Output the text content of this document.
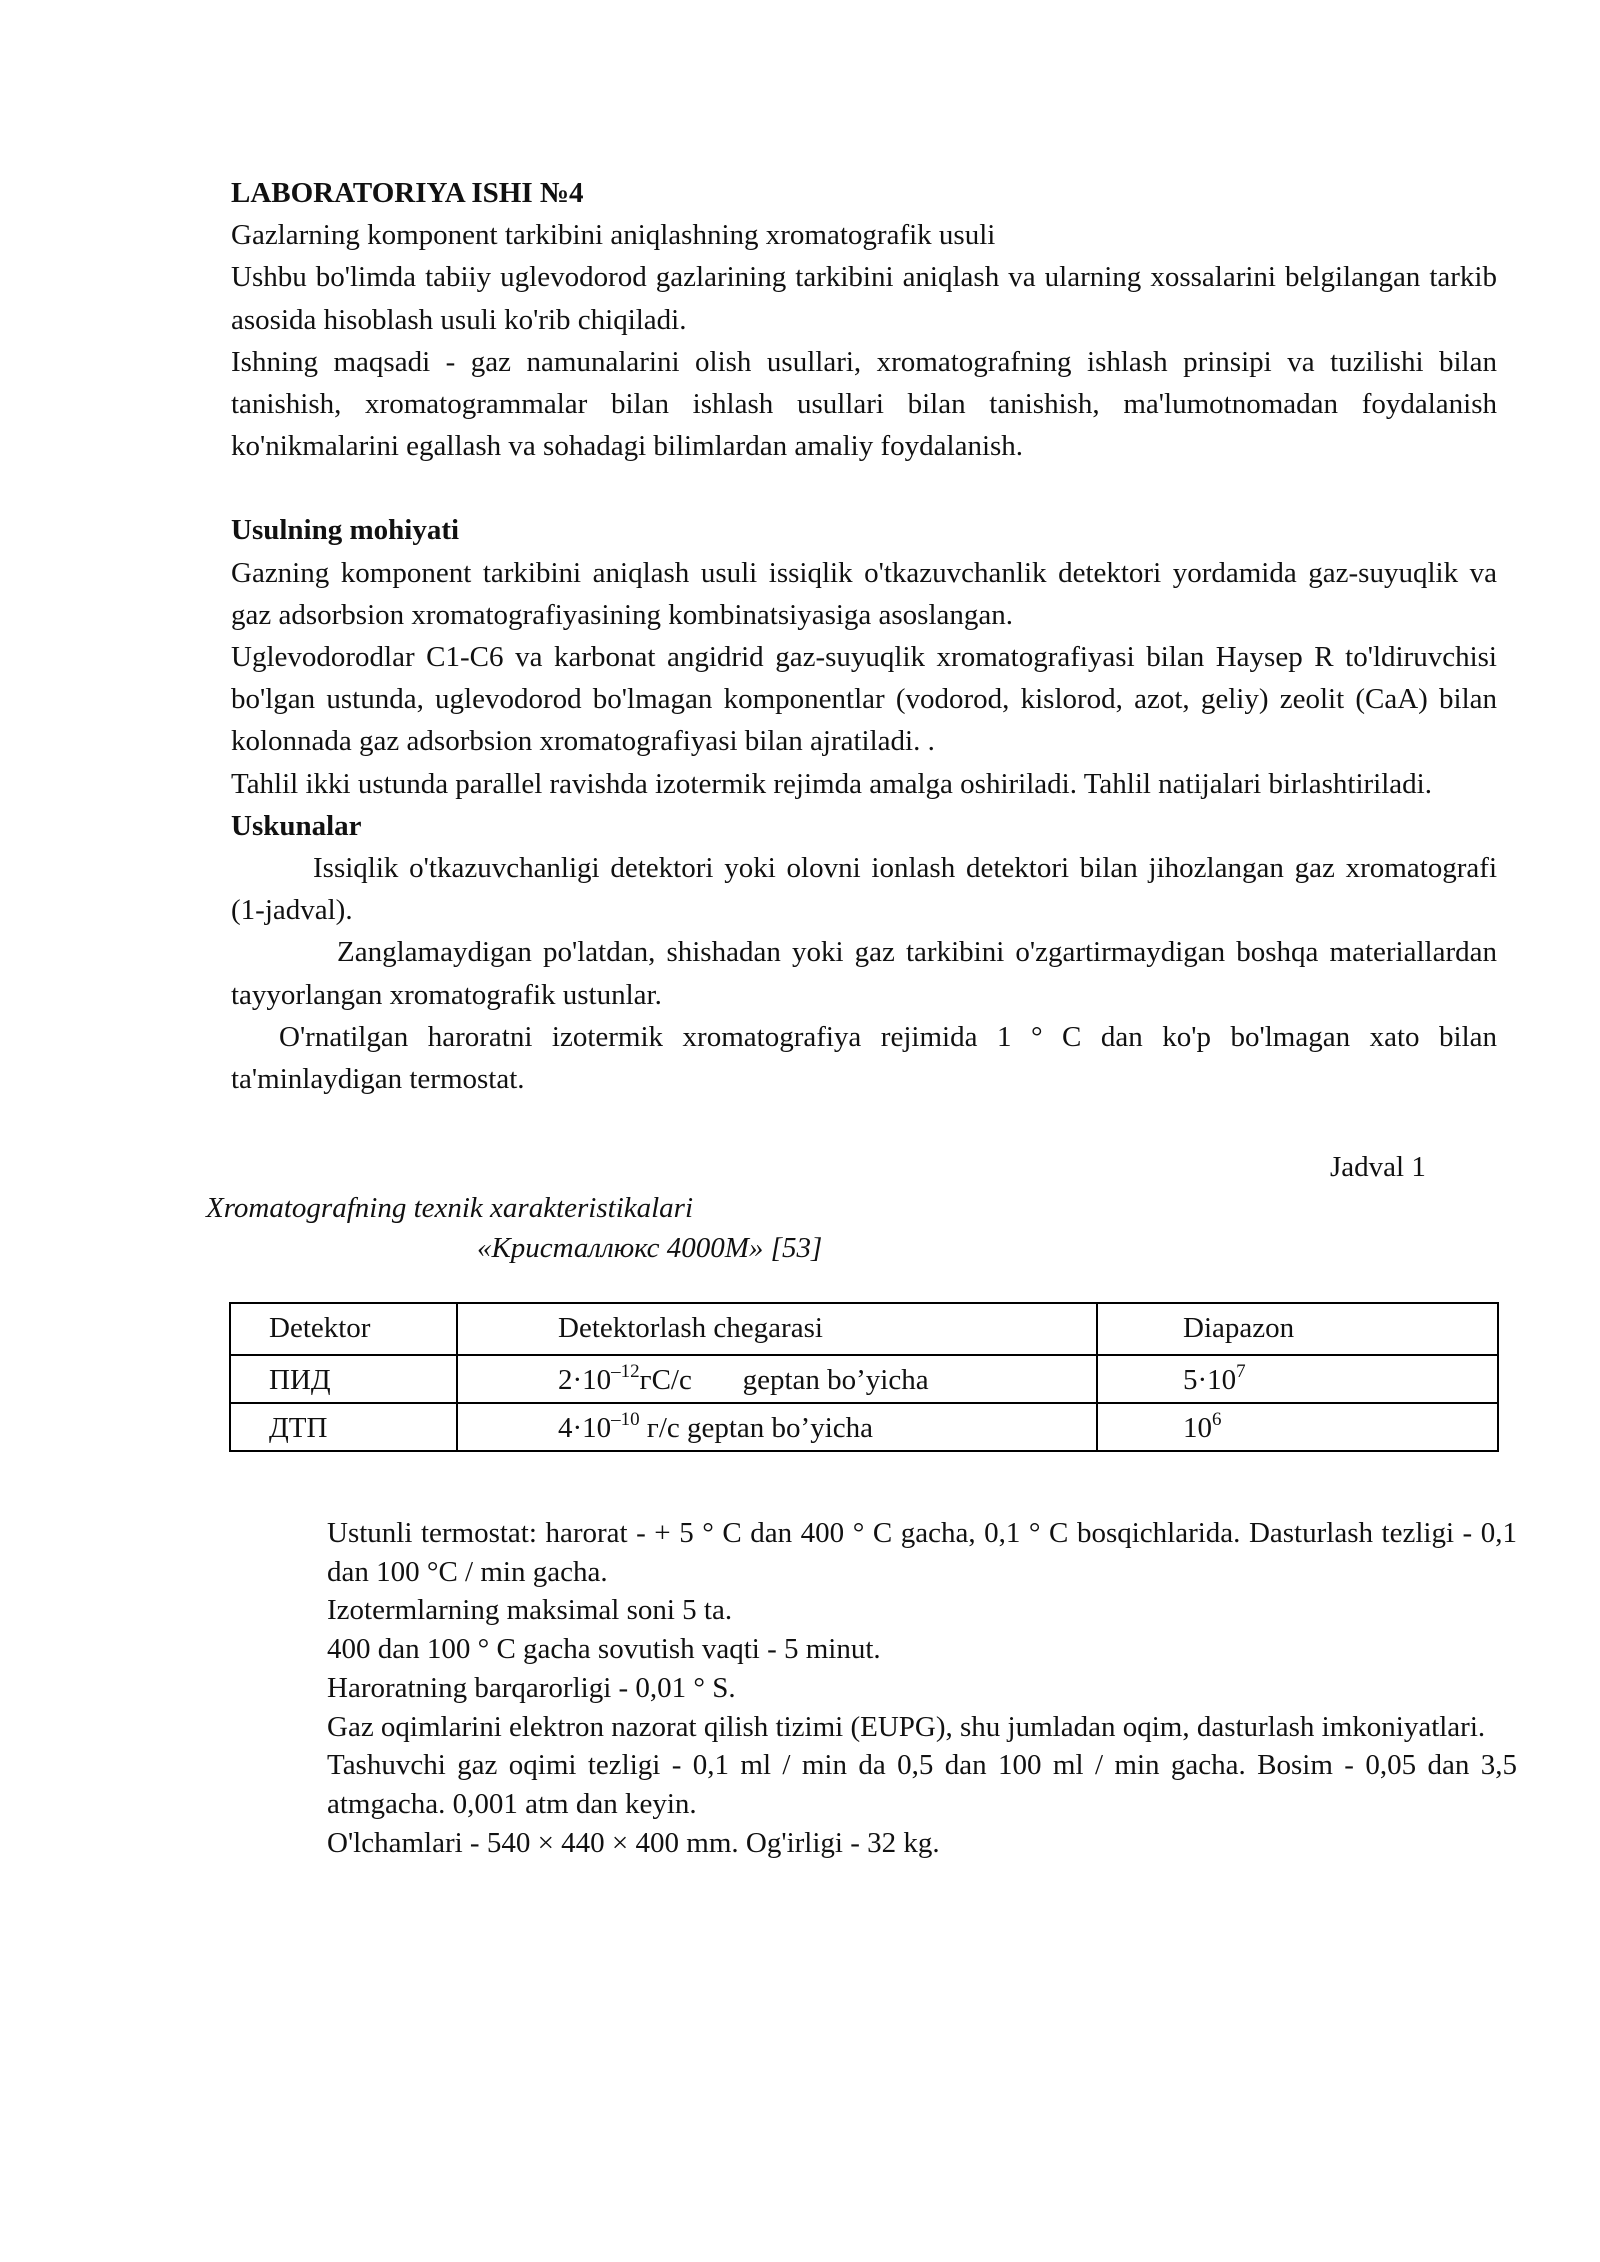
LABORATORIYA ISHI №4

Gazlarning komponent tarkibini aniqlashning xromatografik usuli

Ushbu bo'limda tabiiy uglevodorod gazlarining tarkibini aniqlash va ularning xossalarini belgilangan tarkib asosida hisoblash usuli ko'rib chiqiladi.

Ishning maqsadi - gaz namunalarini olish usullari, xromatografning ishlash prinsipi va tuzilishi bilan tanishish, xromatogrammalar bilan ishlash usullari bilan tanishish, ma'lumotnomadan foydalanish ko'nikmalarini egallash va sohadagi bilimlardan amaliy foydalanish.

Usulning mohiyati

Gazning komponent tarkibini aniqlash usuli issiqlik o'tkazuvchanlik detektori yordamida gaz-suyuqlik va gaz adsorbsion xromatografiyasining kombinatsiyasiga asoslangan.

Uglevodorodlar C1-C6 va karbonat angidrid gaz-suyuqlik xromatografiyasi bilan Haysep R to'ldiruvchisi bo'lgan ustunda, uglevodorod bo'lmagan komponentlar (vodorod, kislorod, azot, geliy) zeolit (CaA) bilan kolonnada gaz adsorbsion xromatografiyasi bilan ajratiladi. .

Tahlil ikki ustunda parallel ravishda izotermik rejimda amalga oshiriladi. Tahlil natijalari birlashtiriladi.

Uskunalar

Issiqlik o'tkazuvchanligi detektori yoki olovni ionlash detektori bilan jihozlangan gaz xromatografi (1-jadval).

Zanglamaydigan po'latdan, shishadan yoki gaz tarkibini o'zgartirmaydigan boshqa materiallardan tayyorlangan xromatografik ustunlar.

O'rnatilgan haroratni izotermik xromatografiya rejimida 1 ° C dan ko'p bo'lmagan xato bilan ta'minlaydigan termostat.

Jadval 1
Xromatografning texnik xarakteristikalari
«Кристаллюкс 4000М» [53]
Detektor	Detektorlash chegarasi	Diapazon
ПИД	$2\cdot 10^{-12}гC/c$       geptan bo’yicha	$5\cdot 10^7$
ДТП	$4\cdot 10^{-10}$ г/c geptan bo’yicha	$10^6$

Ustunli termostat: harorat - + 5 ° C dan 400 ° C gacha, 0,1 ° C bosqichlarida. Dasturlash tezligi - 0,1 dan 100 °C / min gacha.

Izotermlarning maksimal soni 5 ta.

400 dan 100 ° C gacha sovutish vaqti - 5 minut.

Haroratning barqarorligi - 0,01 ° S.

Gaz oqimlarini elektron nazorat qilish tizimi (EUPG), shu jumladan oqim, dasturlash imkoniyatlari.

Tashuvchi gaz oqimi tezligi - 0,1 ml / min da 0,5 dan 100 ml / min gacha. Bosim - 0,05 dan 3,5 atmgacha. 0,001 atm dan keyin.

O'lchamlari - 540 × 440 × 400 mm. Og'irligi - 32 kg.
